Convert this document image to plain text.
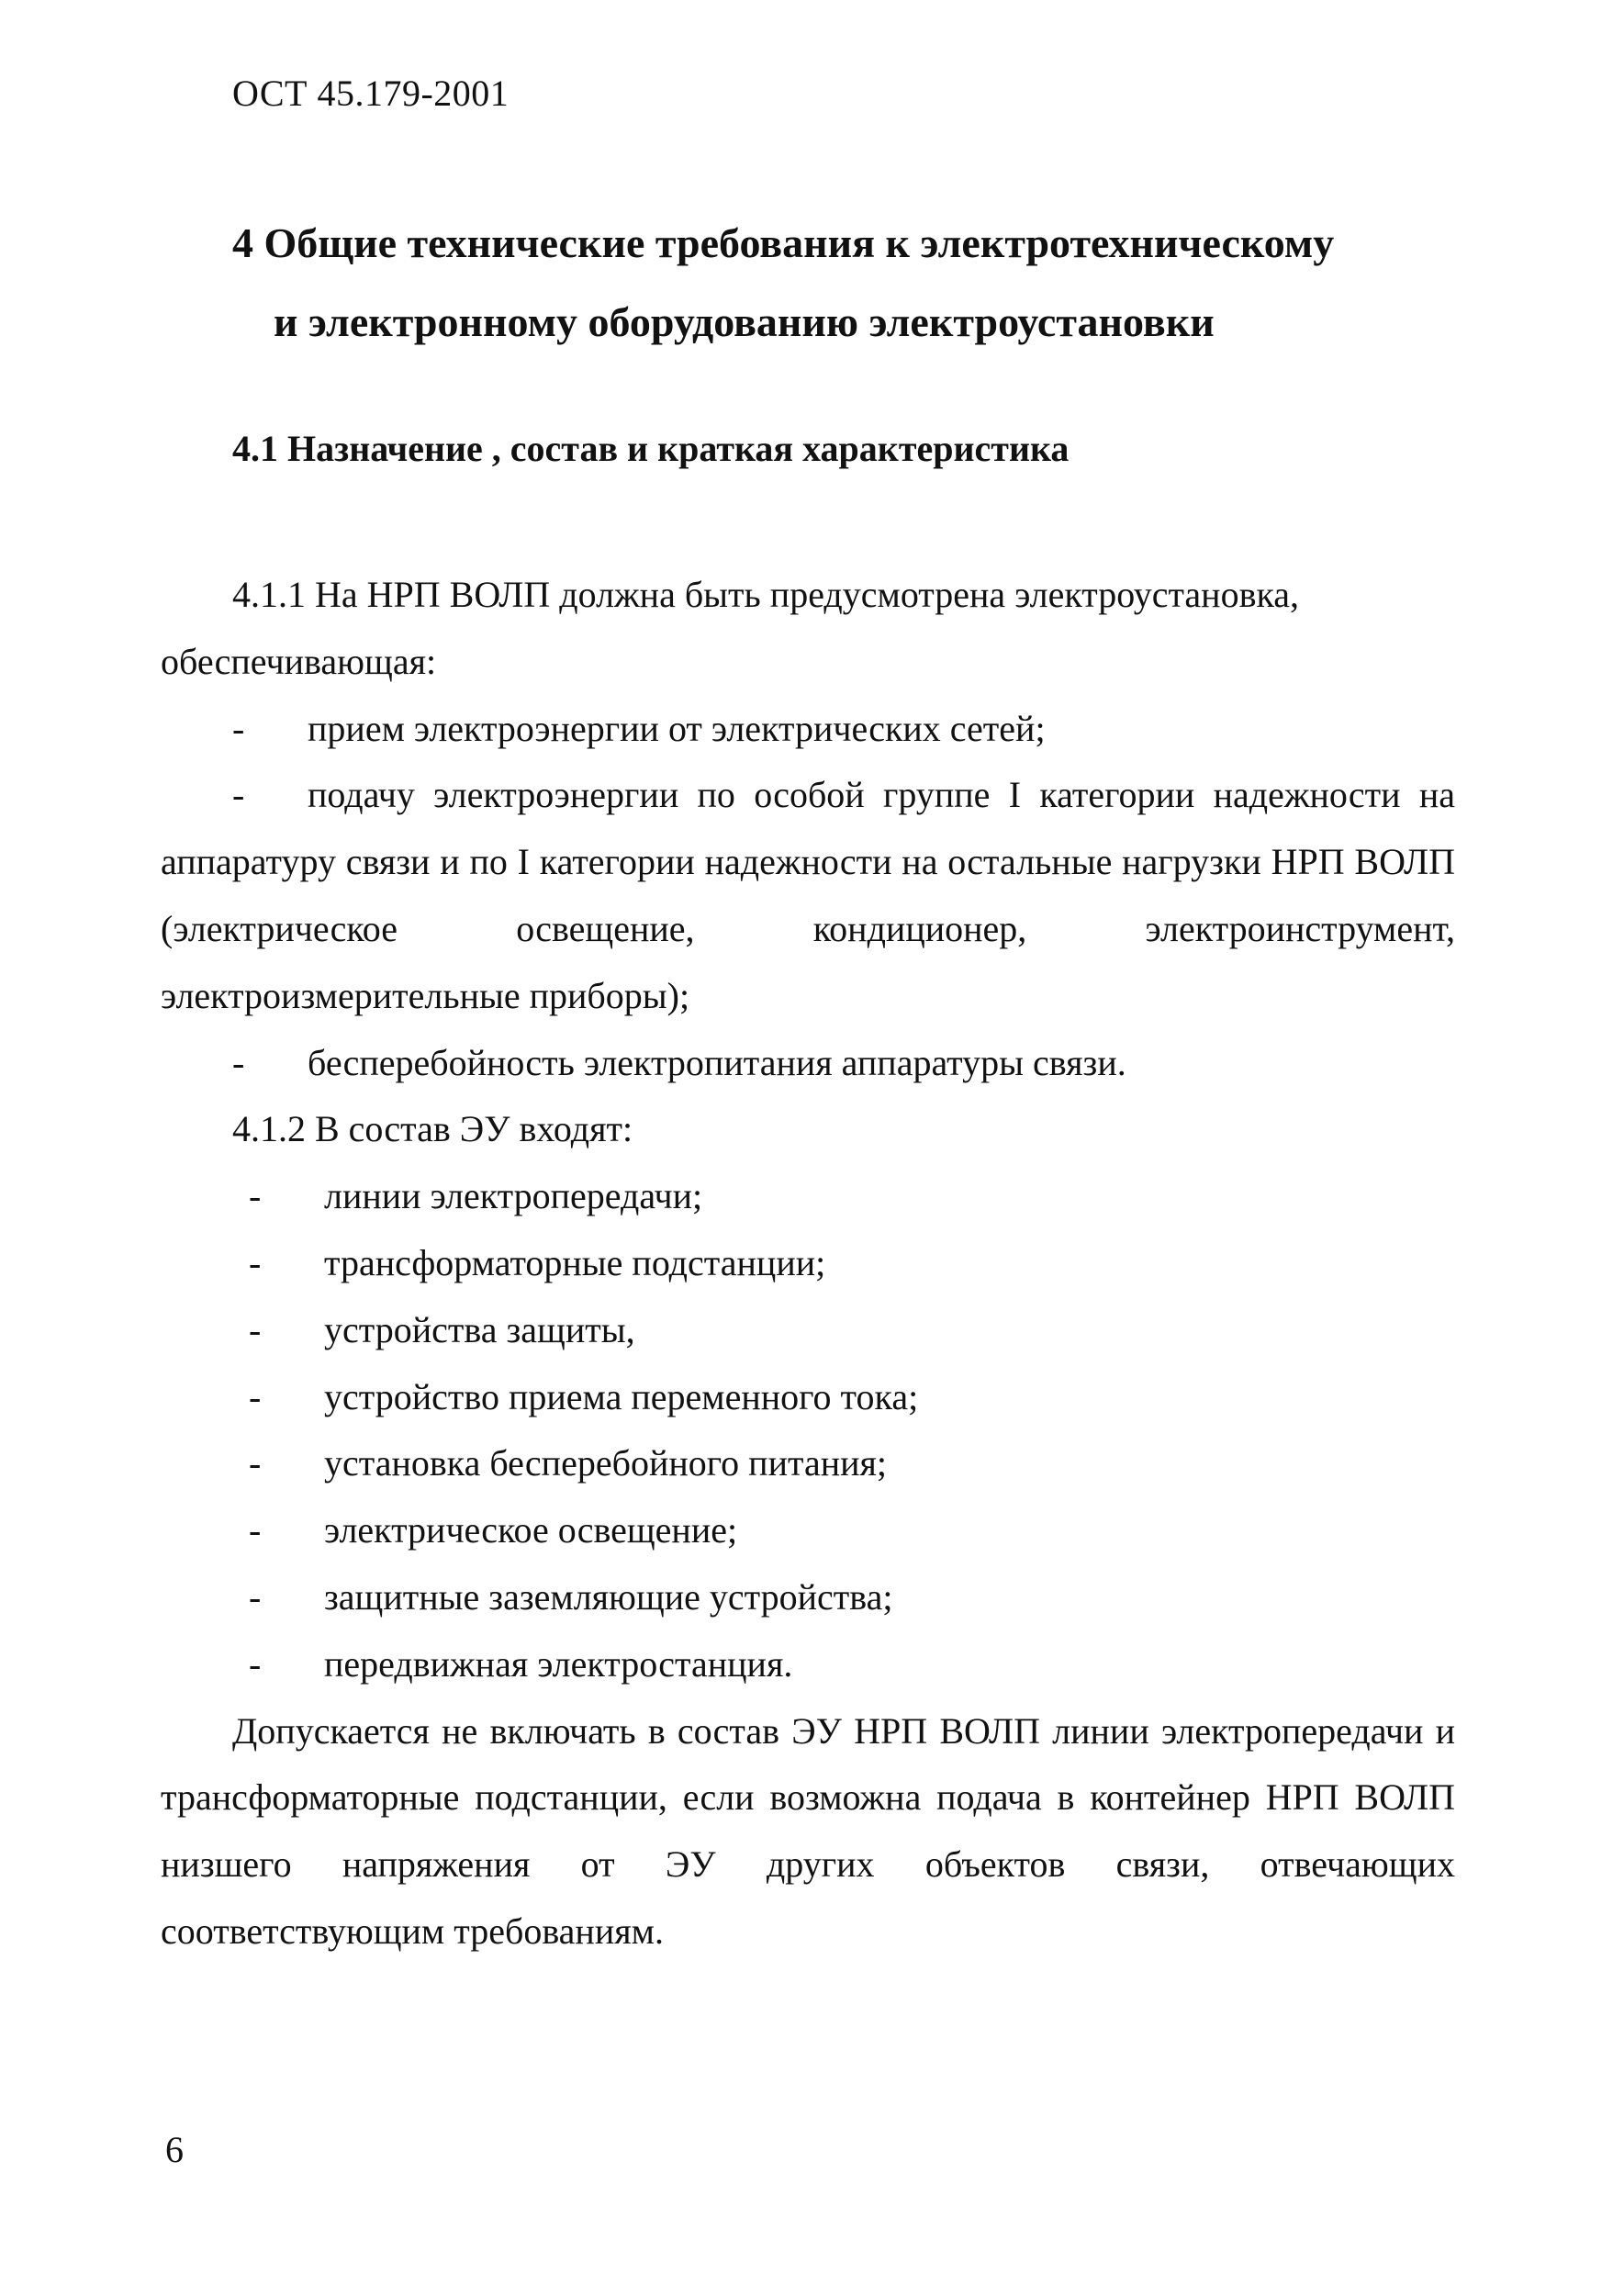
ОСТ 45.179-2001
4 Общие технические требования к электротехническому
и электронному оборудованию электроустановки
4.1 Назначение , состав и краткая характеристика

4.1.1 На НРП ВОЛП должна быть предусмотрена электроустановка,

обеспечивающая:

- прием электроэнергии от электрических сетей;

- подачу электроэнергии по особой группе I категории надежности на аппаратуру связи и по I категории надежности на остальные нагрузки НРП ВОЛП (электрическое освещение, кондиционер, электроинструмент, электроизмерительные приборы);

- бесперебойность электропитания аппаратуры связи.

4.1.2 В состав ЭУ входят:

- линии электропередачи;
- трансформаторные подстанции;
- устройства защиты,
- устройство приема переменного тока;
- установка бесперебойного питания;
- электрическое освещение;
- защитные заземляющие устройства;
- передвижная электростанция.

Допускается не включать в состав ЭУ НРП ВОЛП линии электропередачи и трансформаторные подстанции, если возможна подача в контейнер НРП ВОЛП низшего напряжения от ЭУ других объектов связи, отвечающих соответствующим требованиям.

6
